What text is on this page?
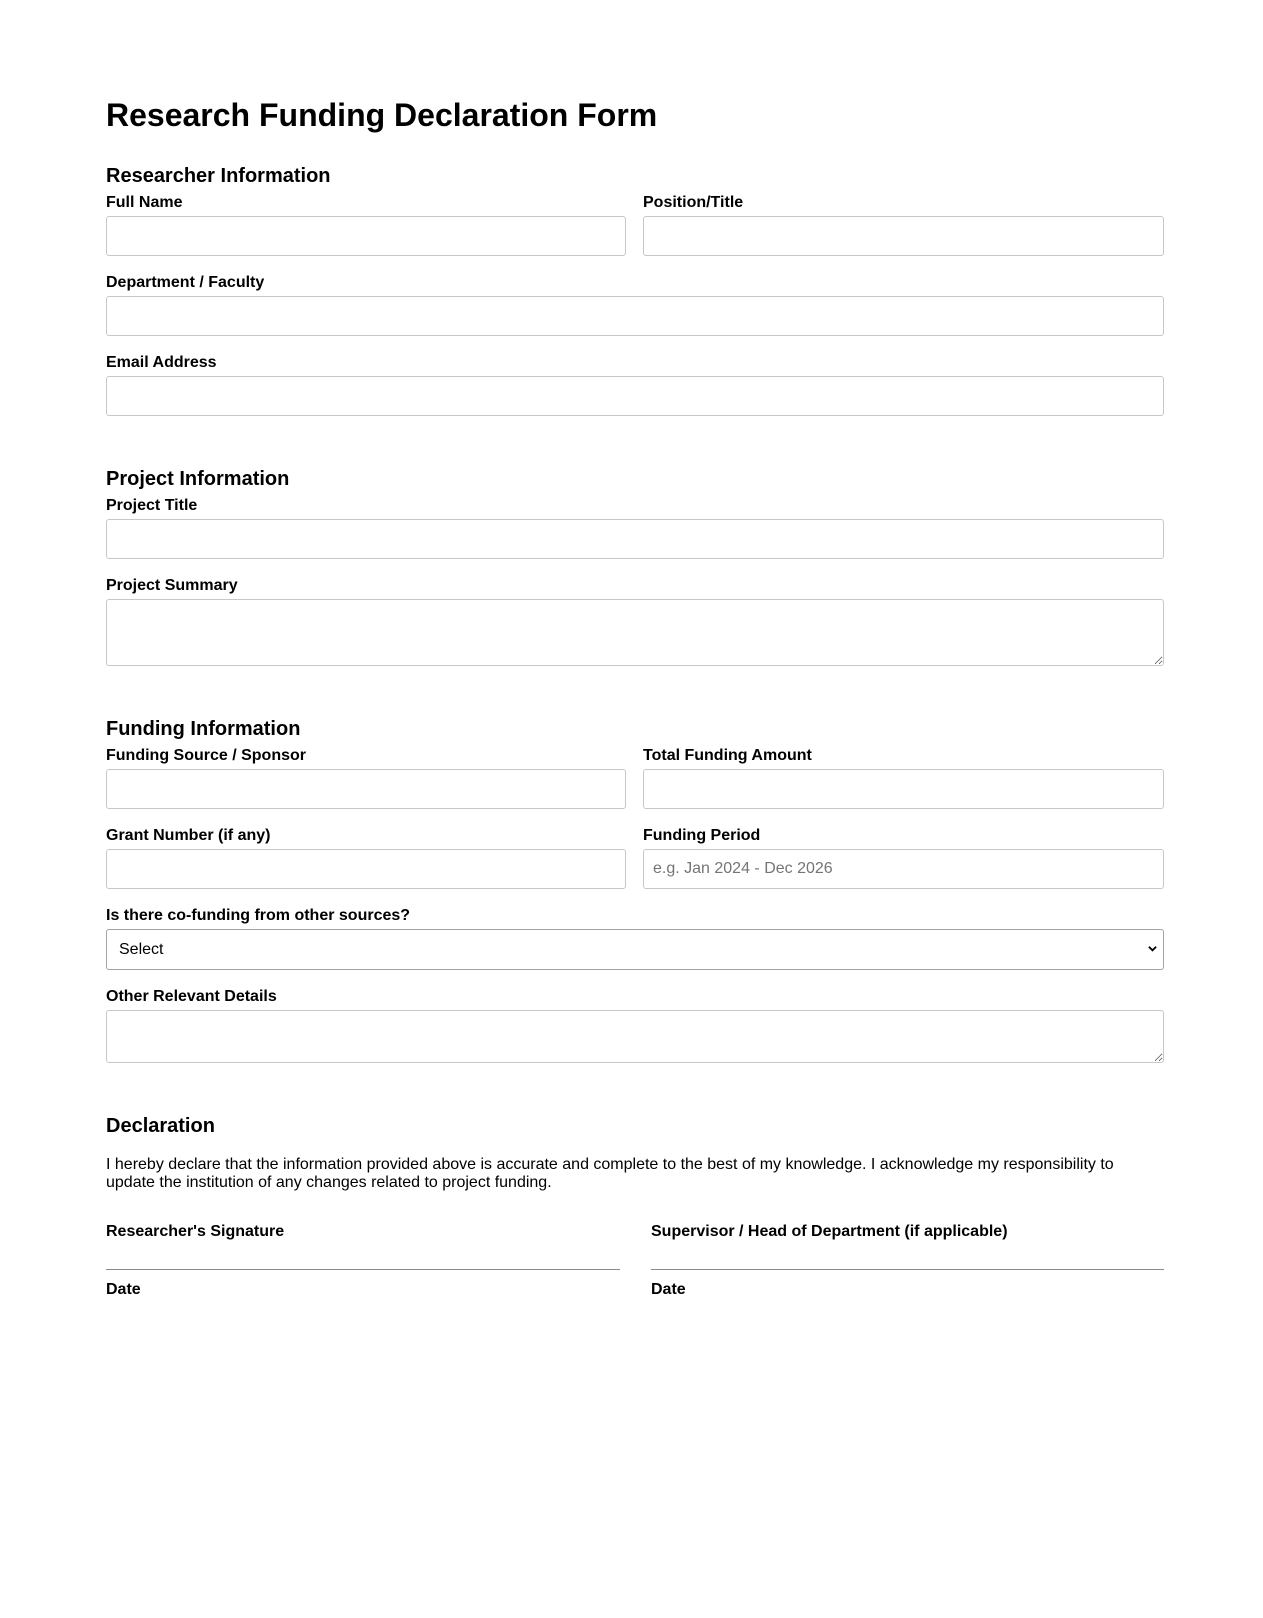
Research Funding Declaration Form
Researcher Information
Full Name	Position/Title
Department / Faculty
Email Address
Project Information
Project Title
Project Summary
Funding Information
Funding Source / Sponsor	Total Funding Amount
Grant Number (if any)	Funding Period
e.g. Jan 2024 - Dec 2026
Is there co-funding from other sources?
Select
Other Relevant Details
Declaration

I hereby declare that the information provided above is accurate and complete to the best of my knowledge. I acknowledge my responsibility to update the institution of any changes related to project funding.

Researcher's Signature
Date
Supervisor / Head of Department (if applicable)
Date
